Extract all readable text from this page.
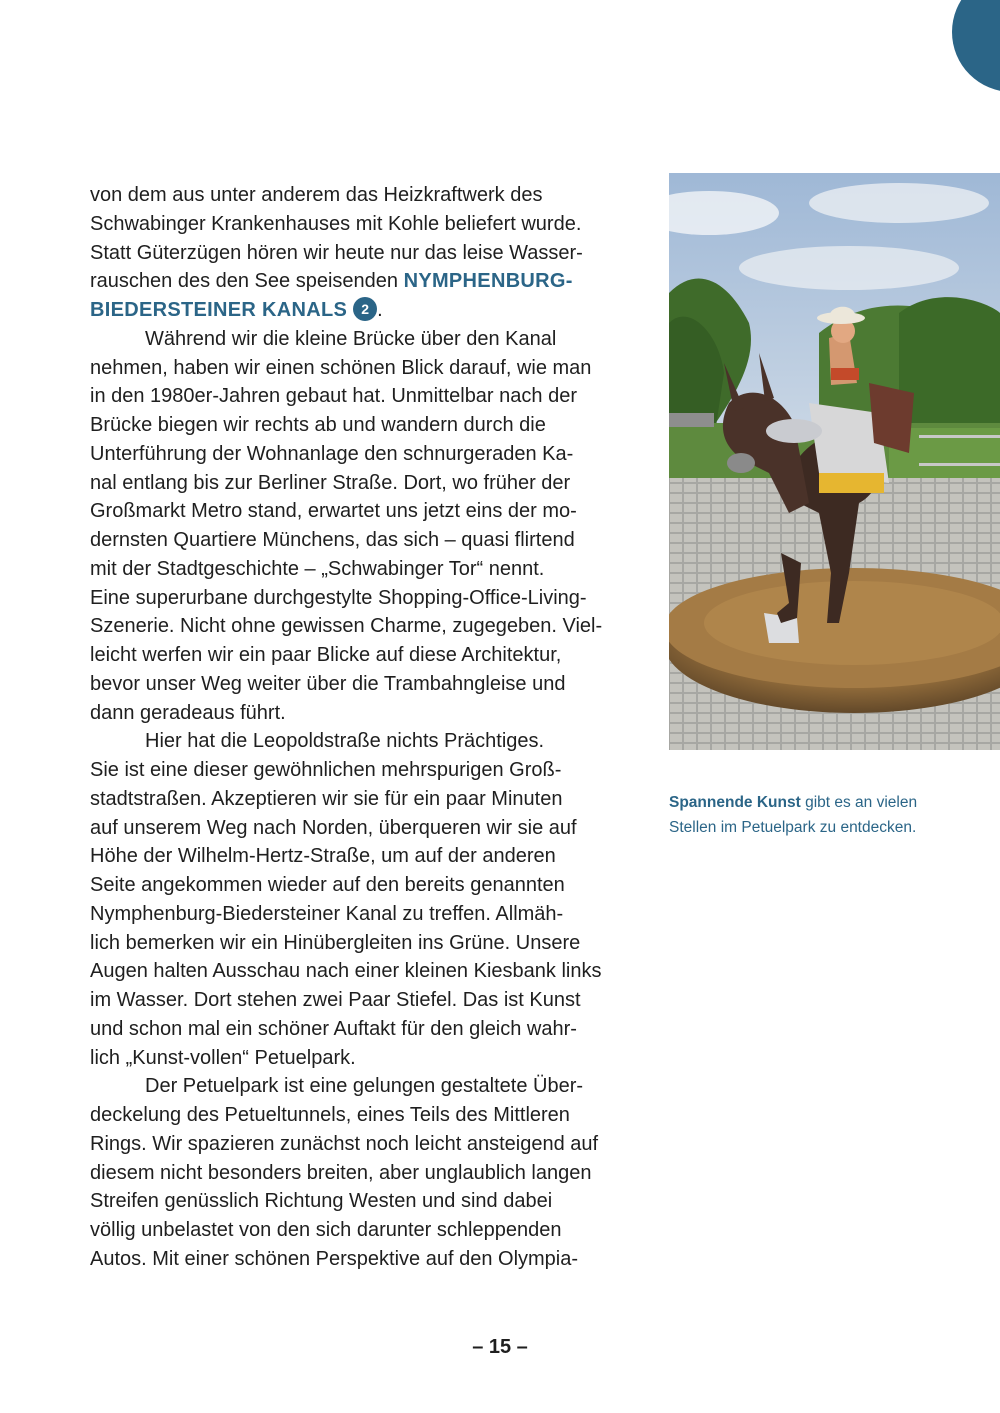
von dem aus unter anderem das Heizkraftwerk des
Schwabinger Krankenhauses mit Kohle beliefert wurde.
Statt Güterzügen hören wir heute nur das leise Wasser-
rauschen des den See speisenden NYMPHENBURG-
BIEDERSTEINER KANALS 2 .
Während wir die kleine Brücke über den Kanal
nehmen, haben wir einen schönen Blick darauf, wie man
in den 1980er-Jahren gebaut hat. Unmittelbar nach der
Brücke biegen wir rechts ab und wandern durch die
Unterführung der Wohnanlage den schnurgeraden Ka-
nal entlang bis zur Berliner Straße. Dort, wo früher der
Großmarkt Metro stand, erwartet uns jetzt eins der mo-
dernsten Quartiere Münchens, das sich – quasi flirtend
mit der Stadtgeschichte – „Schwabinger Tor“ nennt.
Eine superurbane durchgestylte Shopping-Office-Living-
Szenerie. Nicht ohne gewissen Charme, zugegeben. Viel-
leicht werfen wir ein paar Blicke auf diese Architektur,
bevor unser Weg weiter über die Trambahngleise und
dann geradeaus führt.
Hier hat die Leopoldstraße nichts Prächtiges.
Sie ist eine dieser gewöhnlichen mehrspurigen Groß-
stadtstraßen. Akzeptieren wir sie für ein paar Minuten
auf unserem Weg nach Norden, überqueren wir sie auf
Höhe der Wilhelm-Hertz-Straße, um auf der anderen
Seite angekommen wieder auf den bereits genannten
Nymphenburg-Biedersteiner Kanal zu treffen. Allmäh-
lich bemerken wir ein Hinübergleiten ins Grüne. Unsere
Augen halten Ausschau nach einer kleinen Kiesbank links
im Wasser. Dort stehen zwei Paar Stiefel. Das ist Kunst
und schon mal ein schöner Auftakt für den gleich wahr-
lich „Kunst-vollen“ Petuelpark.
Der Petuelpark ist eine gelungen gestaltete Über-
deckelung des Petueltunnels, eines Teils des Mittleren
Rings. Wir spazieren zunächst noch leicht ansteigend auf
diesem nicht besonders breiten, aber unglaublich langen
Streifen genüsslich Richtung Westen und sind dabei
völlig unbelastet von den sich darunter schleppenden
Autos. Mit einer schönen Perspektive auf den Olympia-
Spannende Kunst gibt es an vielen Stellen im Petuelpark zu entdecken.
– 15 –
